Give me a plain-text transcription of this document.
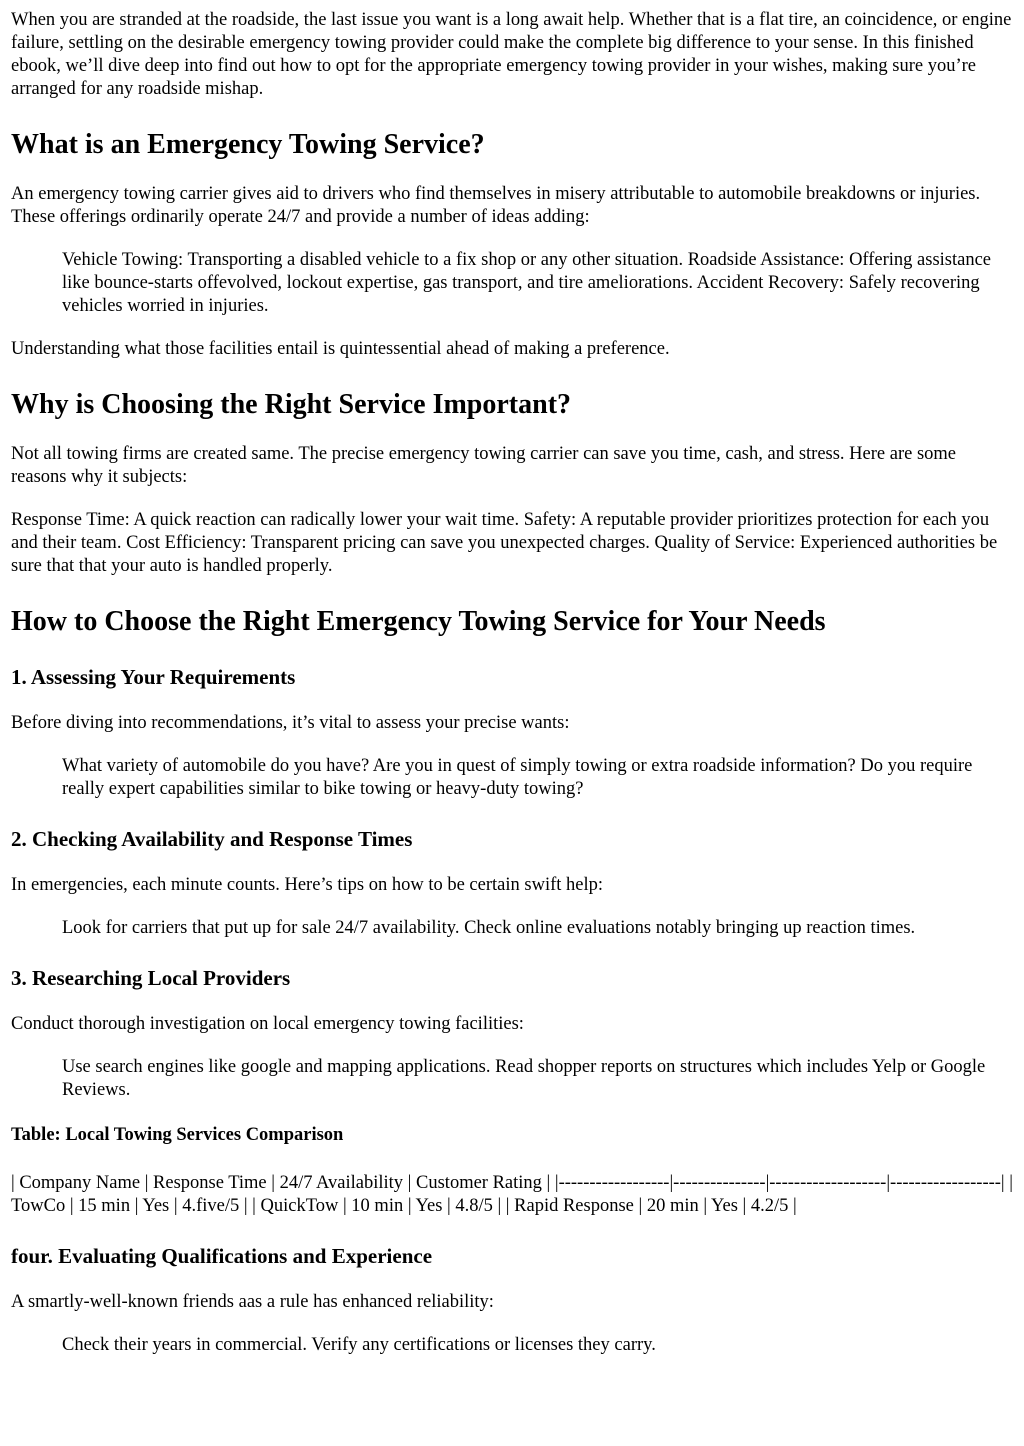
When you are stranded at the roadside, the last issue you want is a long await help. Whether that is a flat tire, an coincidence, or engine failure, settling on the desirable emergency towing provider could make the complete big difference to your sense. In this finished ebook, we’ll dive deep into find out how to opt for the appropriate emergency towing provider in your wishes, making sure you’re arranged for any roadside mishap.

What is an Emergency Towing Service?

An emergency towing carrier gives aid to drivers who find themselves in misery attributable to automobile breakdowns or injuries. These offerings ordinarily operate 24/7 and provide a number of ideas adding:

Vehicle Towing: Transporting a disabled vehicle to a fix shop or any other situation. Roadside Assistance: Offering assistance like bounce-starts offevolved, lockout expertise, gas transport, and tire ameliorations. Accident Recovery: Safely recovering vehicles worried in injuries.

Understanding what those facilities entail is quintessential ahead of making a preference.

Why is Choosing the Right Service Important?

Not all towing firms are created same. The precise emergency towing carrier can save you time, cash, and stress. Here are some reasons why it subjects:

Response Time: A quick reaction can radically lower your wait time. Safety: A reputable provider prioritizes protection for each you and their team. Cost Efficiency: Transparent pricing can save you unexpected charges. Quality of Service: Experienced authorities be sure that that your auto is handled properly.

How to Choose the Right Emergency Towing Service for Your Needs
1. Assessing Your Requirements

Before diving into recommendations, it’s vital to assess your precise wants:

What variety of automobile do you have? Are you in quest of simply towing or extra roadside information? Do you require really expert capabilities similar to bike towing or heavy-duty towing?

2. Checking Availability and Response Times

In emergencies, each minute counts. Here’s tips on how to be certain swift help:

Look for carriers that put up for sale 24/7 availability. Check online evaluations notably bringing up reaction times.

3. Researching Local Providers

Conduct thorough investigation on local emergency towing facilities:

Use search engines like google and mapping applications. Read shopper reports on structures which includes Yelp or Google Reviews.

Table: Local Towing Services Comparison

| Company Name | Response Time | 24/7 Availability | Customer Rating | |------------------|---------------|-------------------|------------------| | TowCo | 15 min | Yes | 4.five/5 | | QuickTow | 10 min | Yes | 4.8/5 | | Rapid Response | 20 min | Yes | 4.2/5 |

four. Evaluating Qualifications and Experience

A smartly-well-known friends aas a rule has enhanced reliability:

Check their years in commercial. Verify any certifications or licenses they carry.
